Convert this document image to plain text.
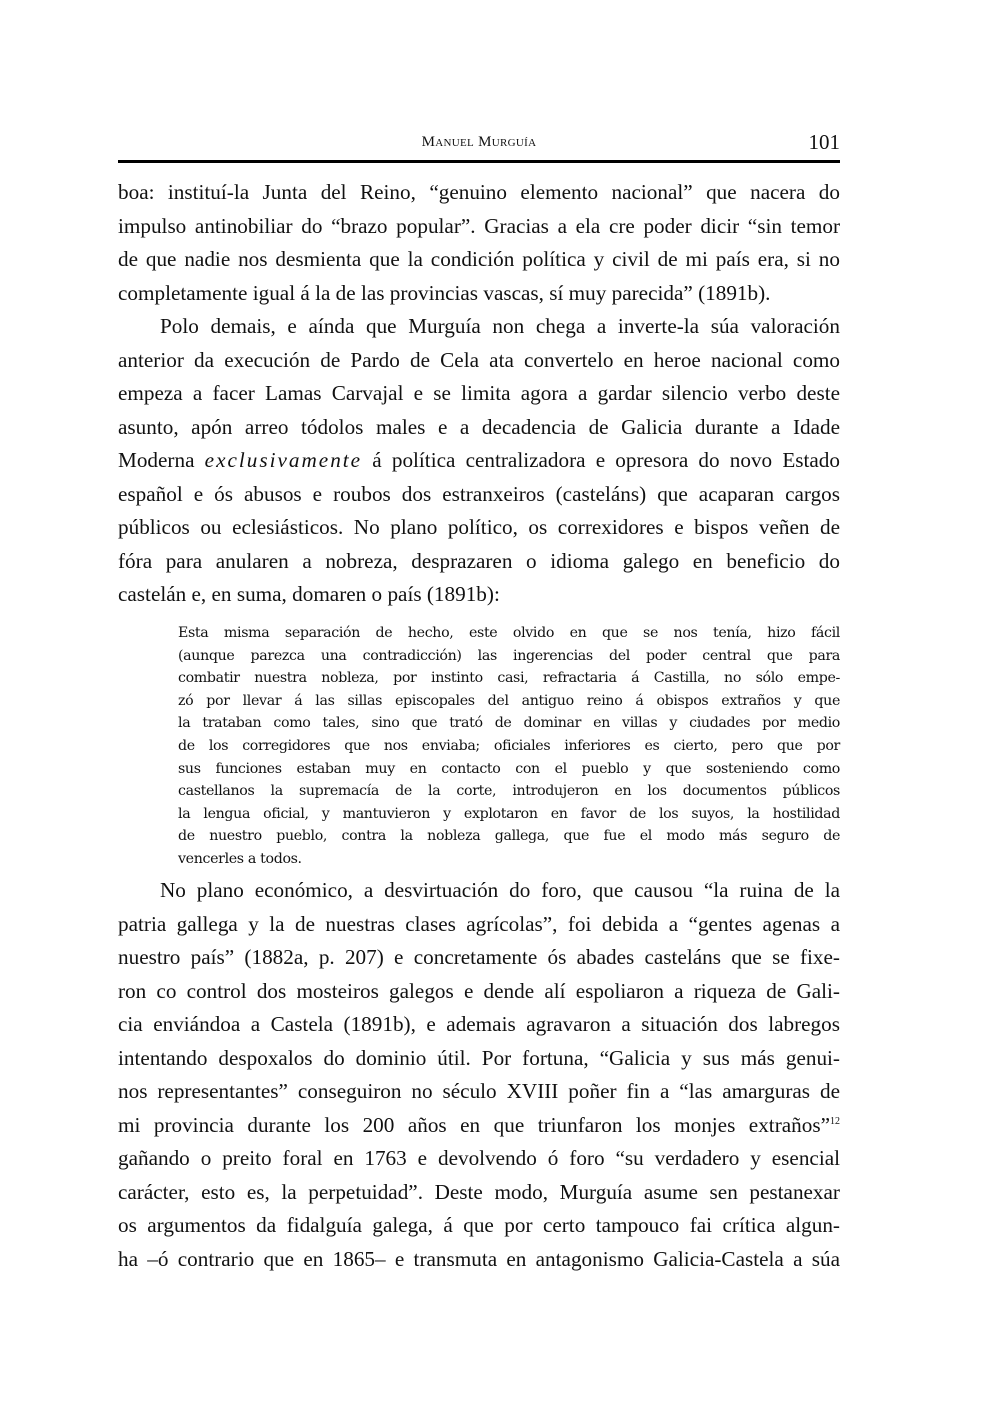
Manuel Murguía	101
boa: instituí-la Junta del Reino, “genuino elemento nacional” que nacera do
impulso antinobiliar do “brazo popular”. Gracias a ela cre poder dicir “sin temor
de que nadie nos desmienta que la condición política y civil de mi país era, si no
completamente igual á la de las provincias vascas, sí muy parecida” (1891b).
Polo demais, e aínda que Murguía non chega a inverte-la súa valoración
anterior da execución de Pardo de Cela ata convertelo en heroe nacional como
empeza a facer Lamas Carvajal e se limita agora a gardar silencio verbo deste
asunto, apón arreo tódolos males e a decadencia de Galicia durante a Idade
Moderna exclusivamente á política centralizadora e opresora do novo Estado
español e ós abusos e roubos dos estranxeiros (casteláns) que acaparan cargos
públicos ou eclesiásticos. No plano político, os correxidores e bispos veñen de
fóra para anularen a nobreza, desprazaren o idioma galego en beneficio do
castelán e, en suma, domaren o país (1891b):
Esta misma separación de hecho, este olvido en que se nos tenía, hizo fácil
(aunque parezca una contradicción) las ingerencias del poder central que para
combatir nuestra nobleza, por instinto casi, refractaria á Castilla, no sólo empe-
zó por llevar á las sillas episcopales del antiguo reino á obispos extraños y que
la trataban como tales, sino que trató de dominar en villas y ciudades por medio
de los corregidores que nos enviaba; oficiales inferiores es cierto, pero que por
sus funciones estaban muy en contacto con el pueblo y que sosteniendo como
castellanos la supremacía de la corte, introdujeron en los documentos públicos
la lengua oficial, y mantuvieron y explotaron en favor de los suyos, la hostilidad
de nuestro pueblo, contra la nobleza gallega, que fue el modo más seguro de
vencerles a todos.
No plano económico, a desvirtuación do foro, que causou “la ruina de la
patria gallega y la de nuestras clases agrícolas”, foi debida a “gentes agenas a
nuestro país” (1882a, p. 207) e concretamente ós abades casteláns que se fixe-
ron co control dos mosteiros galegos e dende alí espoliaron a riqueza de Gali-
cia enviándoa a Castela (1891b), e ademais agravaron a situación dos labregos
intentando despoxalos do dominio útil. Por fortuna, “Galicia y sus más genui-
nos representantes” conseguiron no século XVIII poñer fin a “las amarguras de
mi provincia durante los 200 años en que triunfaron los monjes extraños”$^{12}$
gañando o preito foral en 1763 e devolvendo ó foro “su verdadero y esencial
carácter, esto es, la perpetuidad”. Deste modo, Murguía asume sen pestanexar
os argumentos da fidalguía galega, á que por certo tampouco fai crítica algun-
ha –ó contrario que en 1865– e transmuta en antagonismo Galicia-Castela a súa
